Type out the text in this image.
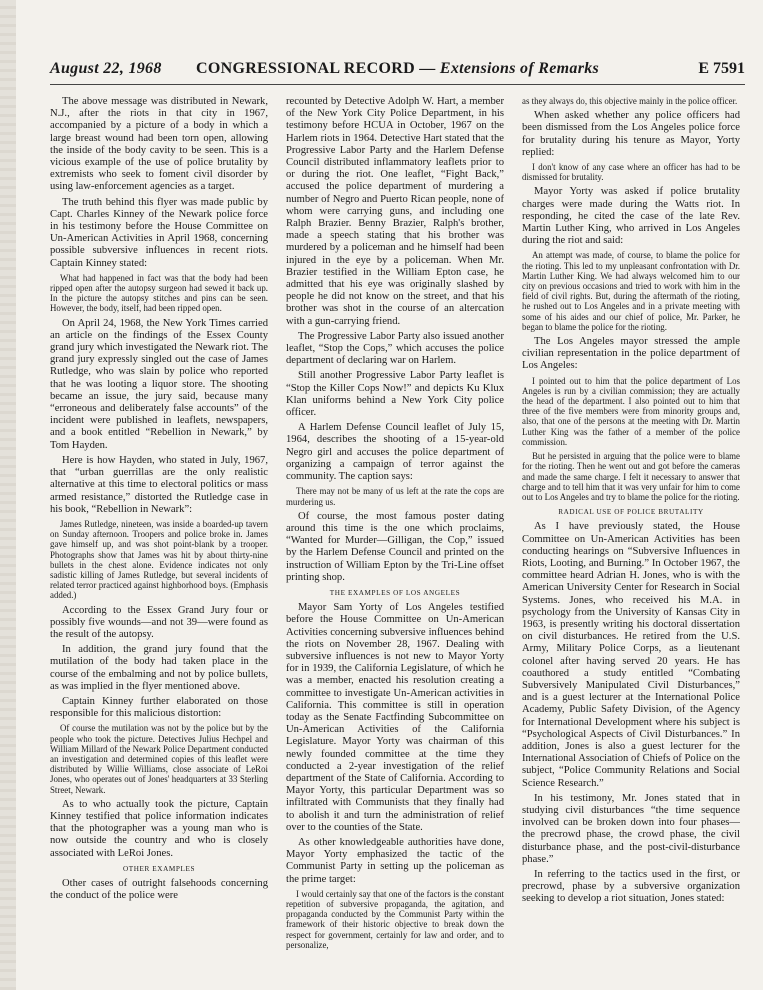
August 22, 1968 CONGRESSIONAL RECORD — Extensions of Remarks	E 7591

The above message was distributed in Newark, N.J., after the riots in that city in 1967, accompanied by a picture of a body in which a large breast wound had been torn open, allowing the inside of the body cavity to be seen. This is a vicious example of the use of police brutality by extremists who seek to foment civil disorder by using law-enforcement agencies as a target.

The truth behind this flyer was made public by Capt. Charles Kinney of the Newark police force in his testimony before the House Committee on Un-American Activities in April 1968, concerning possible subversive influences in recent riots. Captain Kinney stated:

What had happened in fact was that the body had been ripped open after the autopsy surgeon had sewed it back up. In the picture the autopsy stitches and pins can be seen. However, the body, itself, had been ripped open.

On April 24, 1968, the New York Times carried an article on the findings of the Essex County grand jury which investigated the Newark riot. The grand jury expressly singled out the case of James Rutledge, who was slain by police who reported that he was looting a liquor store. The shooting became an issue, the jury said, because many “erroneous and deliberately false accounts” of the incident were published in leaflets, newspapers, and a book entitled “Rebellion in Newark,” by Tom Hayden.

Here is how Hayden, who stated in July, 1967, that “urban guerrillas are the only realistic alternative at this time to electoral politics or mass armed resistance,” distorted the Rutledge case in his book, “Rebellion in Newark”:

James Rutledge, nineteen, was inside a boarded-up tavern on Sunday afternoon. Troopers and police broke in. James gave himself up, and was shot point-blank by a trooper. Photographs show that James was hit by about thirty-nine bullets in the chest alone. Evidence indicates not only sadistic killing of James Rutledge, but several incidents of related terror practiced against highborhood boys. (Emphasis added.)

According to the Essex Grand Jury four or possibly five wounds—and not 39—were found as the result of the autopsy.

In addition, the grand jury found that the mutilation of the body had taken place in the course of the embalming and not by police bullets, as was implied in the flyer mentioned above.

Captain Kinney further elaborated on those responsible for this malicious distortion:

Of course the mutilation was not by the police but by the people who took the picture. Detectives Julius Hechpel and William Millard of the Newark Police Department conducted an investigation and determined copies of this leaflet were distributed by Willie Williams, close associate of LeRoi Jones, who operates out of Jones' headquarters at 33 Sterling Street, Newark.

As to who actually took the picture, Captain Kinney testified that police information indicates that the photographer was a young man who is now outside the country and who is closely associated with LeRoi Jones.

OTHER EXAMPLES

Other cases of outright falsehoods concerning the conduct of the police were

recounted by Detective Adolph W. Hart, a member of the New York City Police Department, in his testimony before HCUA in October, 1967 on the Harlem riots in 1964. Detective Hart stated that the Progressive Labor Party and the Harlem Defense Council distributed inflammatory leaflets prior to or during the riot. One leaflet, “Fight Back,” accused the police department of murdering a number of Negro and Puerto Rican people, none of whom were carrying guns, and including one Ralph Brazier. Benny Brazier, Ralph's brother, made a speech stating that his brother was murdered by a policeman and he himself had been injured in the eye by a policeman. When Mr. Brazier testified in the William Epton case, he admitted that his eye was originally slashed by people he did not know on the street, and that his brother was shot in the course of an altercation with a gun-carrying friend.

The Progressive Labor Party also issued another leaflet, “Stop the Cops,” which accuses the police department of declaring war on Harlem.

Still another Progressive Labor Party leaflet is “Stop the Killer Cops Now!” and depicts Ku Klux Klan uniforms behind a New York City police officer.

A Harlem Defense Council leaflet of July 15, 1964, describes the shooting of a 15-year-old Negro girl and accuses the police department of organizing a campaign of terror against the community. The caption says:

There may not be many of us left at the rate the cops are murdering us.

Of course, the most famous poster dating around this time is the one which proclaims, “Wanted for Murder—Gilligan, the Cop,” issued by the Harlem Defense Council and printed on the instruction of William Epton by the Tri-Line offset printing shop.

THE EXAMPLES OF LOS ANGELES

Mayor Sam Yorty of Los Angeles testified before the House Committee on Un-American Activities concerning subversive influences behind the riots on November 28, 1967. Dealing with subversive influences is not new to Mayor Yorty for in 1939, the California Legislature, of which he was a member, enacted his resolution creating a committee to investigate Un-American activities in California. This committee is still in operation today as the Senate Factfinding Subcommittee on Un-American Activities of the California Legislature. Mayor Yorty was chairman of this newly founded committee at the time they conducted a 2-year investigation of the relief department of the State of California. According to Mayor Yorty, this particular Department was so infiltrated with Communists that they finally had to abolish it and turn the administration of relief over to the counties of the State.

As other knowledgeable authorities have done, Mayor Yorty emphasized the tactic of the Communist Party in setting up the policeman as the prime target:

I would certainly say that one of the factors is the constant repetition of subversive propaganda, the agitation, and propaganda conducted by the Communist Party within the framework of their historic objective to break down the respect for government, certainly for law and order, and to personalize,

as they always do, this objective mainly in the police officer.

When asked whether any police officers had been dismissed from the Los Angeles police force for brutality during his tenure as Mayor, Yorty replied:

I don't know of any case where an officer has had to be dismissed for brutality.

Mayor Yorty was asked if police brutality charges were made during the Watts riot. In responding, he cited the case of the late Rev. Martin Luther King, who arrived in Los Angeles during the riot and said:

An attempt was made, of course, to blame the police for the rioting. This led to my unpleasant confrontation with Dr. Martin Luther King. We had always welcomed him to our city on previous occasions and tried to work with him in the field of civil rights. But, during the aftermath of the rioting, he rushed out to Los Angeles and in a private meeting with some of his aides and our chief of police, Mr. Parker, he began to blame the police for the rioting.

The Los Angeles mayor stressed the ample civilian representation in the police department of Los Angeles:

I pointed out to him that the police department of Los Angeles is run by a civilian commission; they are actually the head of the department. I also pointed out to him that three of the five members were from minority groups and, also, that one of the persons at the meeting with Dr. Martin Luther King was the father of a member of the police commission.

But he persisted in arguing that the police were to blame for the rioting. Then he went out and got before the cameras and made the same charge. I felt it necessary to answer that charge and to tell him that it was very unfair for him to come out to Los Angeles and try to blame the police for the rioting.

RADICAL USE OF POLICE BRUTALITY

As I have previously stated, the House Committee on Un-American Activities has been conducting hearings on “Subversive Influences in Riots, Looting, and Burning.” In October 1967, the committee heard Adrian H. Jones, who is with the American University Center for Research in Social Systems. Jones, who received his M.A. in psychology from the University of Kansas City in 1963, is presently writing his doctoral dissertation on civil disturbances. He retired from the U.S. Army, Military Police Corps, as a lieutenant colonel after having served 20 years. He has coauthored a study entitled “Combating Subversively Manipulated Civil Disturbances,” and is a guest lecturer at the International Police Academy, Public Safety Division, of the Agency for International Development where his subject is “Psychological Aspects of Civil Disturbances.” In addition, Jones is also a guest lecturer for the International Association of Chiefs of Police on the subject, “Police Community Relations and Social Science Research.”

In his testimony, Mr. Jones stated that in studying civil disturbances “the time sequence involved can be broken down into four phases—the precrowd phase, the crowd phase, the civil disturbance phase, and the post-civil-disturbance phase.”

In referring to the tactics used in the first, or precrowd, phase by a subversive organization seeking to develop a riot situation, Jones stated:
